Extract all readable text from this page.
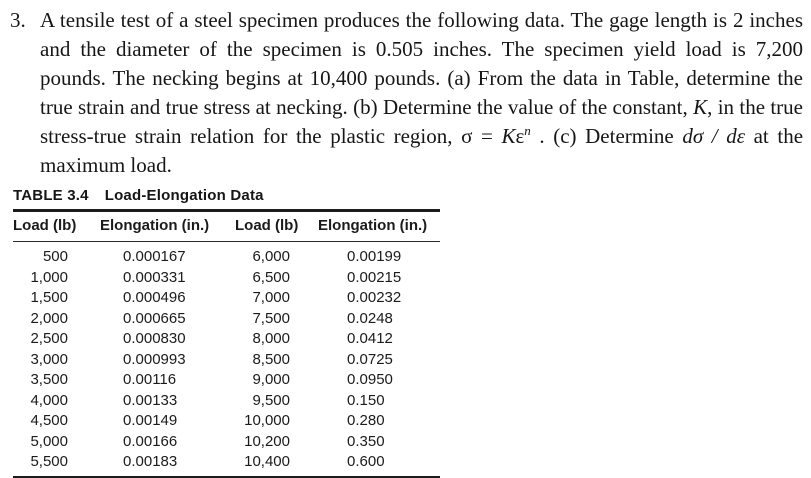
3. A tensile test of a steel specimen produces the following data. The gage length is 2 inches and the diameter of the specimen is 0.505 inches. The specimen yield load is 7,200 pounds. The necking begins at 10,400 pounds. (a) From the data in Table, determine the true strain and true stress at necking. (b) Determine the value of the constant, K, in the true stress-true strain relation for the plastic region, $\sigma = K\varepsilon^n$ . (c) Determine dσ / dε at the maximum load.

TABLE 3.4 Load-Elongation Data
Load (lb)	Elongation (in.)	Load (lb)	Elongation (in.)
500	0.000167	6,000	0.00199
1,000	0.000331	6,500	0.00215
1,500	0.000496	7,000	0.00232
2,000	0.000665	7,500	0.0248
2,500	0.000830	8,000	0.0412
3,000	0.000993	8,500	0.0725
3,500	0.00116	9,000	0.0950
4,000	0.00133	9,500	0.150
4,500	0.00149	10,000	0.280
5,000	0.00166	10,200	0.350
5,500	0.00183	10,400	0.600
